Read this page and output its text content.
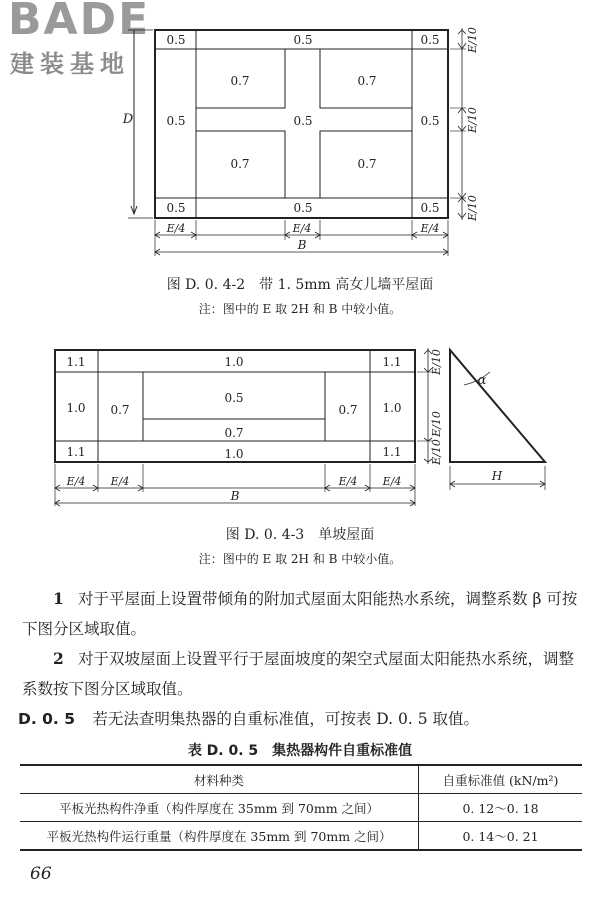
BADE
建装基地
0.5	0.5	0.5
0.7	0.7
0.5	0.5	0.5
0.7	0.7
0.5	0.5	0.5
D
E/10
E/10
E/10
E/4	E/4	E/4
B
图 D. 0. 4-2　带 1. 5mm 高女儿墙平屋面
注：图中的 E 取 2H 和 B 中较小值。
1.1	1.0	1.1
1.0 0.7
0.5
0.7
0.7 1.0
1.1	1.0	1.1
E/10
E/10
E/10
E/4 E/4	E/4 E/4
B
α
H
图 D. 0. 4-3　单坡屋面
注：图中的 E 取 2H 和 B 中较小值。
1 对于平屋面上设置带倾角的附加式屋面太阳能热水系统，调整系数 β 可按下图分区域取值。
2 对于双坡屋面上设置平行于屋面坡度的架空式屋面太阳能热水系统，调整系数按下图分区域取值。
D. 0. 5 若无法查明集热器的自重标准值，可按表 D. 0. 5 取值。
表 D. 0. 5　集热器构件自重标准值
材料种类	自重标准值 (kN/m²)
平板光热构件净重（构件厚度在 35mm 到 70mm 之间）	0. 12～0. 18
平板光热构件运行重量（构件厚度在 35mm 到 70mm 之间）	0. 14～0. 21
66
